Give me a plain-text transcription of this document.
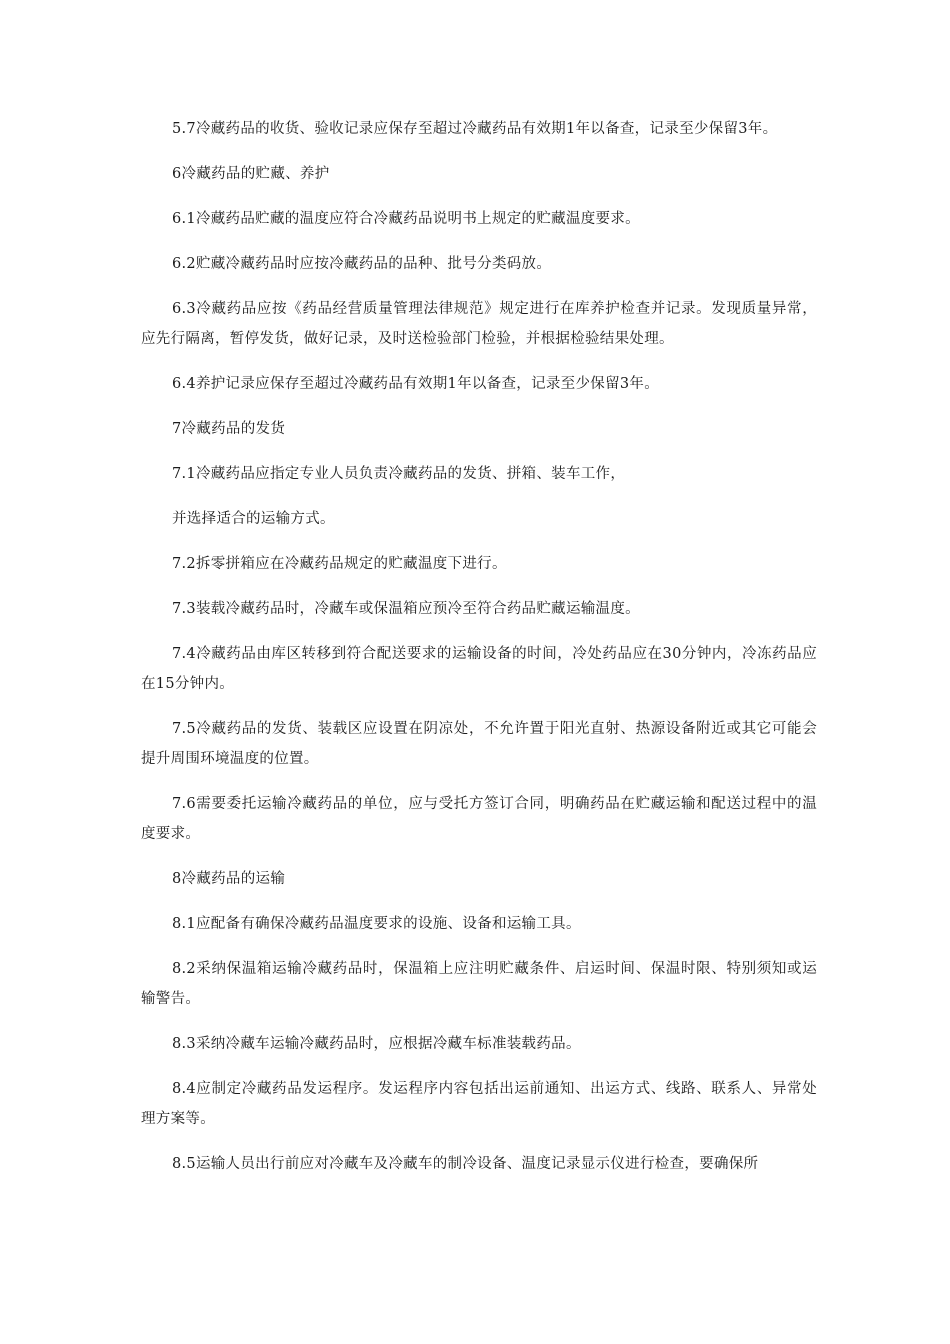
5.7冷藏药品的收货、验收记录应保存至超过冷藏药品有效期1年以备查，记录至少保留3年。

6冷藏药品的贮藏、养护

6.1冷藏药品贮藏的温度应符合冷藏药品说明书上规定的贮藏温度要求。

6.2贮藏冷藏药品时应按冷藏药品的品种、批号分类码放。

6.3冷藏药品应按《药品经营质量管理法律规范》规定进行在库养护检查并记录。发现质量异常，应先行隔离，暂停发货，做好记录，及时送检验部门检验，并根据检验结果处理。

6.4养护记录应保存至超过冷藏药品有效期1年以备查，记录至少保留3年。

7冷藏药品的发货

7.1冷藏药品应指定专业人员负责冷藏药品的发货、拼箱、装车工作，

并选择适合的运输方式。

7.2拆零拼箱应在冷藏药品规定的贮藏温度下进行。

7.3装载冷藏药品时，冷藏车或保温箱应预冷至符合药品贮藏运输温度。

7.4冷藏药品由库区转移到符合配送要求的运输设备的时间，冷处药品应在30分钟内，冷冻药品应在15分钟内。

7.5冷藏药品的发货、装载区应设置在阴凉处，不允许置于阳光直射、热源设备附近或其它可能会提升周围环境温度的位置。

7.6需要委托运输冷藏药品的单位，应与受托方签订合同，明确药品在贮藏运输和配送过程中的温度要求。

8冷藏药品的运输

8.1应配备有确保冷藏药品温度要求的设施、设备和运输工具。

8.2采纳保温箱运输冷藏药品时，保温箱上应注明贮藏条件、启运时间、保温时限、特别须知或运输警告。

8.3采纳冷藏车运输冷藏药品时，应根据冷藏车标准装载药品。

8.4应制定冷藏药品发运程序。发运程序内容包括出运前通知、出运方式、线路、联系人、异常处理方案等。

8.5运输人员出行前应对冷藏车及冷藏车的制冷设备、温度记录显示仪进行检查，要确保所
